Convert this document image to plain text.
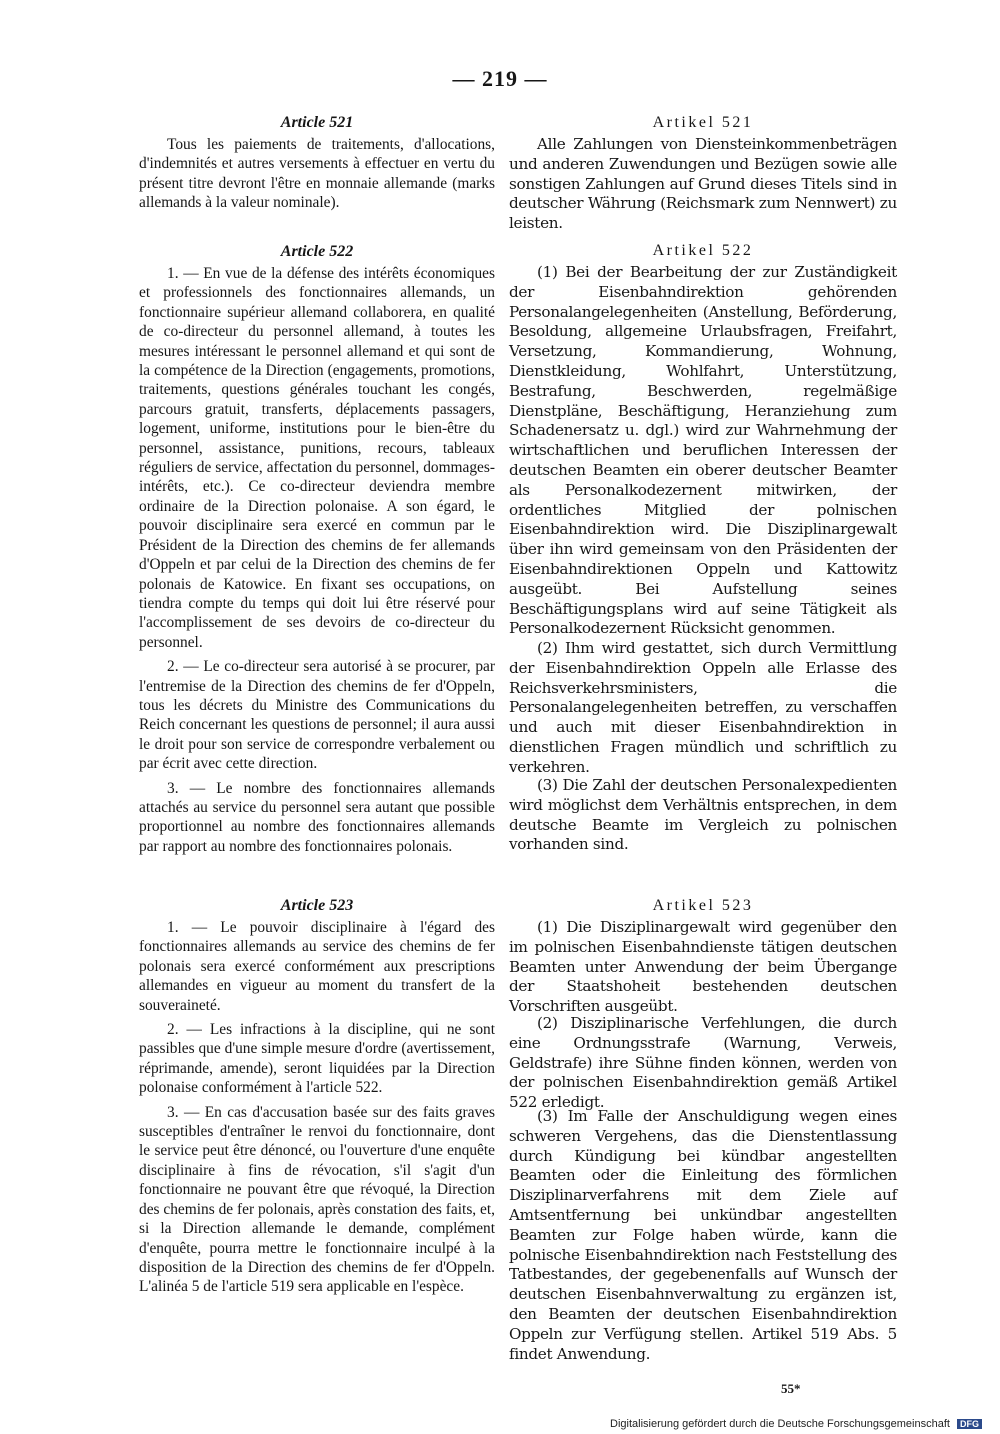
— 219 —
Article 521

Tous les paiements de traitements, d'allocations, d'indemnités et autres versements à effectuer en vertu du présent titre devront l'être en monnaie allemande (marks allemands à la valeur nominale).

Article 522

1. — En vue de la défense des intérêts économiques et professionnels des fonctionnaires allemands, un fonctionnaire supérieur allemand collaborera, en qualité de co-directeur du personnel allemand, à toutes les mesures intéressant le personnel allemand et qui sont de la compétence de la Direction (engagements, promotions, traitements, questions générales touchant les congés, parcours gratuit, transferts, déplacements passagers, logement, uniforme, institutions pour le bien-être du personnel, assistance, punitions, recours, tableaux réguliers de service, affectation du personnel, dommages-intérêts, etc.). Ce co-directeur deviendra membre ordinaire de la Direction polonaise. A son égard, le pouvoir disciplinaire sera exercé en commun par le Président de la Direction des chemins de fer allemands d'Oppeln et par celui de la Direction des chemins de fer polonais de Katowice. En fixant ses occupations, on tiendra compte du temps qui doit lui être réservé pour l'accomplissement de ses devoirs de co-directeur du personnel.

2. — Le co-directeur sera autorisé à se procurer, par l'entremise de la Direction des chemins de fer d'Oppeln, tous les décrets du Ministre des Communications du Reich concernant les questions de personnel; il aura aussi le droit pour son service de correspondre verbalement ou par écrit avec cette direction.

3. — Le nombre des fonctionnaires allemands attachés au service du personnel sera autant que possible proportionnel au nombre des fonctionnaires allemands par rapport au nombre des fonctionnaires polonais.

Article 523

1. — Le pouvoir disciplinaire à l'égard des fonctionnaires allemands au service des chemins de fer polonais sera exercé conformément aux prescriptions allemandes en vigueur au moment du transfert de la souveraineté.

2. — Les infractions à la discipline, qui ne sont passibles que d'une simple mesure d'ordre (avertissement, réprimande, amende), seront liquidées par la Direction polonaise conformément à l'article 522.

3. — En cas d'accusation basée sur des faits graves susceptibles d'entraîner le renvoi du fonctionnaire, dont le service peut être dénoncé, ou l'ouverture d'une enquête disciplinaire à fins de révocation, s'il s'agit d'un fonctionnaire ne pouvant être que révoqué, la Direction des chemins de fer polonais, après constation des faits, et, si la Direction allemande le demande, complément d'enquête, pourra mettre le fonctionnaire inculpé à la disposition de la Direction des chemins de fer d'Oppeln. L'alinéa 5 de l'article 519 sera applicable en l'espèce.

Artikel 521

Alle Zahlungen von Diensteinkommenbeträgen und anderen Zuwendungen und Bezügen sowie alle sonstigen Zahlungen auf Grund dieses Titels sind in deutscher Währung (Reichsmark zum Nennwert) zu leisten.

Artikel 522

(1) Bei der Bearbeitung der zur Zuständigkeit der Eisenbahndirektion gehörenden Personalangelegenheiten (Anstellung, Beförderung, Besoldung, allgemeine Urlaubsfragen, Freifahrt, Versetzung, Kommandierung, Wohnung, Dienstkleidung, Wohlfahrt, Unterstützung, Bestrafung, Beschwerden, regelmäßige Dienstpläne, Beschäftigung, Heranziehung zum Schadenersatz u. dgl.) wird zur Wahrnehmung der wirtschaftlichen und beruflichen Interessen der deutschen Beamten ein oberer deutscher Beamter als Personalkodezernent mitwirken, der ordentliches Mitglied der polnischen Eisenbahndirektion wird. Die Disziplinargewalt über ihn wird gemeinsam von den Präsidenten der Eisenbahndirektionen Oppeln und Kattowitz ausgeübt. Bei Aufstellung seines Beschäftigungsplans wird auf seine Tätigkeit als Personalkodezernent Rücksicht genommen.

(2) Ihm wird gestattet, sich durch Vermittlung der Eisenbahndirektion Oppeln alle Erlasse des Reichsverkehrsministers, die Personalangelegenheiten betreffen, zu verschaffen und auch mit dieser Eisenbahndirektion in dienstlichen Fragen mündlich und schriftlich zu verkehren.

(3) Die Zahl der deutschen Personalexpedienten wird möglichst dem Verhältnis entsprechen, in dem deutsche Beamte im Vergleich zu polnischen vorhanden sind.

Artikel 523

(1) Die Disziplinargewalt wird gegenüber den im polnischen Eisenbahndienste tätigen deutschen Beamten unter Anwendung der beim Übergange der Staatshoheit bestehenden deutschen Vorschriften ausgeübt.

(2) Disziplinarische Verfehlungen, die durch eine Ordnungsstrafe (Warnung, Verweis, Geldstrafe) ihre Sühne finden können, werden von der polnischen Eisenbahndirektion gemäß Artikel 522 erledigt.

(3) Im Falle der Anschuldigung wegen eines schweren Vergehens, das die Dienstentlassung durch Kündigung bei kündbar angestellten Beamten oder die Einleitung des förmlichen Disziplinarverfahrens mit dem Ziele auf Amtsentfernung bei unkündbar angestellten Beamten zur Folge haben würde, kann die polnische Eisenbahndirektion nach Feststellung des Tatbestandes, der gegebenenfalls auf Wunsch der deutschen Eisenbahnverwaltung zu ergänzen ist, den Beamten der deutschen Eisenbahndirektion Oppeln zur Verfügung stellen. Artikel 519 Abs. 5 findet Anwendung.

55*
Digitalisierung gefördert durch die Deutsche Forschungsgemeinschaft DFG
